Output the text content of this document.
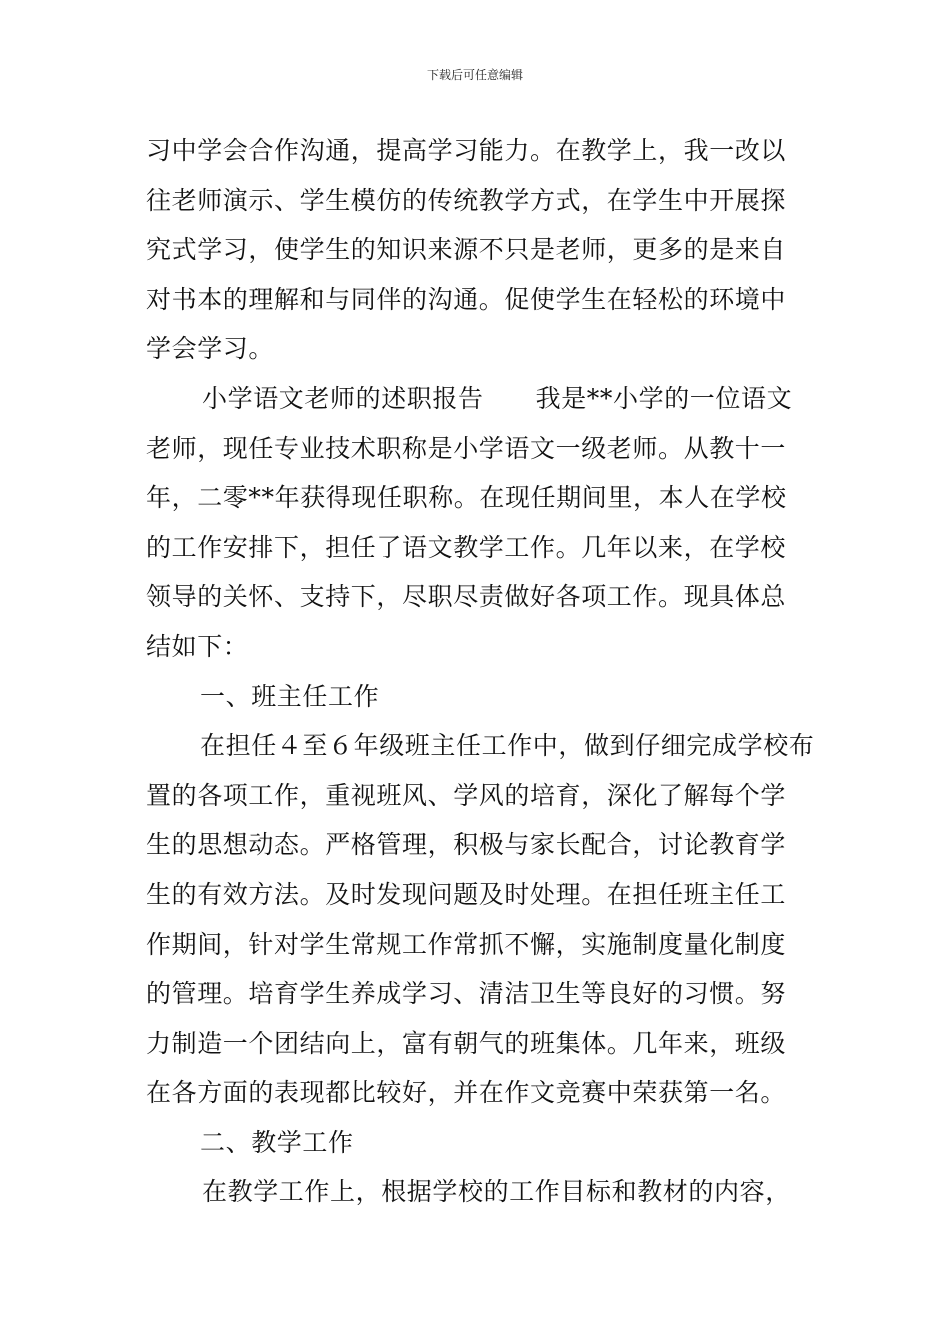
下载后可任意编辑
习中学会合作沟通，提高学习能力。在教学上，我一改以
往老师演示、学生模仿的传统教学方式，在学生中开展探
究式学习，使学生的知识来源不只是老师，更多的是来自
对书本的理解和与同伴的沟通。促使学生在轻松的环境中
学会学习。
小学语文老师的述职报告 我是**小学的一位语文
老师，现任专业技术职称是小学语文一级老师。从教十一
年，二零**年获得现任职称。在现任期间里，本人在学校
的工作安排下，担任了语文教学工作。几年以来，在学校
领导的关怀、支持下，尽职尽责做好各项工作。现具体总
结如下：
一、班主任工作
在担任４至６年级班主任工作中，做到仔细完成学校布
置的各项工作，重视班风、学风的培育，深化了解每个学
生的思想动态。严格管理，积极与家长配合，讨论教育学
生的有效方法。及时发现问题及时处理。在担任班主任工
作期间，针对学生常规工作常抓不懈，实施制度量化制度
的管理。培育学生养成学习、清洁卫生等良好的习惯。努
力制造一个团结向上，富有朝气的班集体。几年来，班级
在各方面的表现都比较好，并在作文竞赛中荣获第一名。
二、教学工作
在教学工作上，根据学校的工作目标和教材的内容，
